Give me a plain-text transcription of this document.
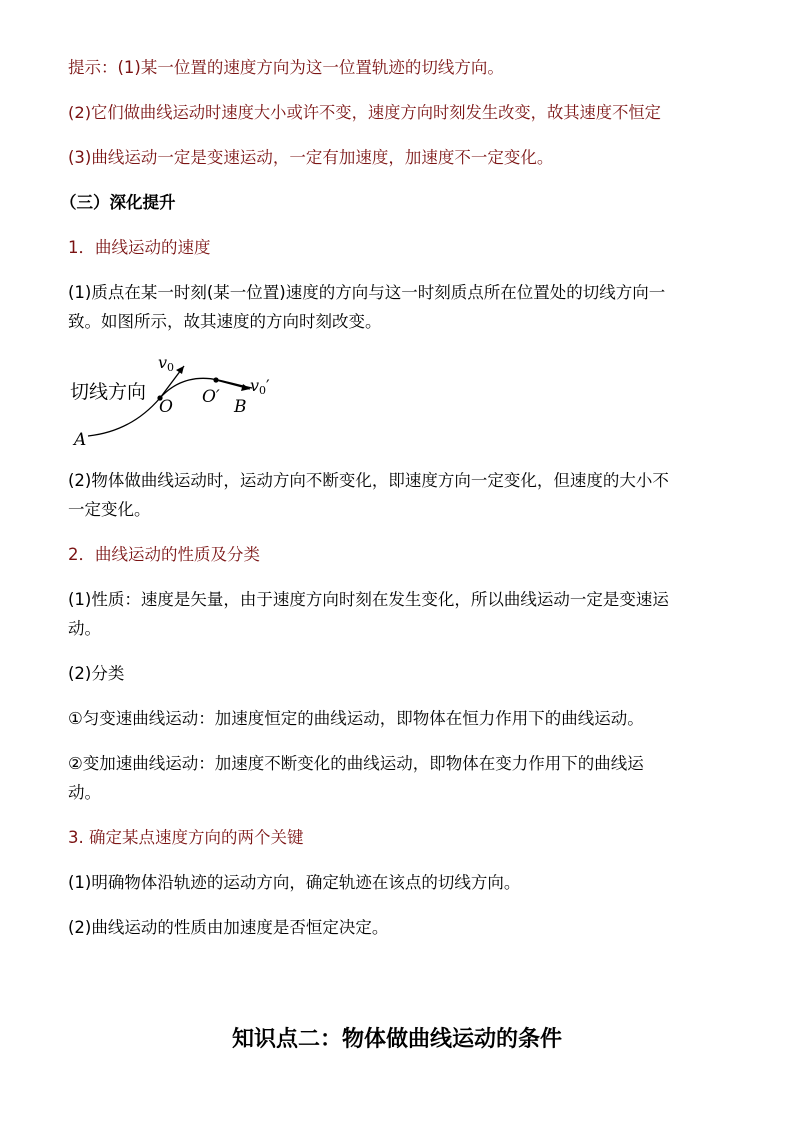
提示：(1)某一位置的速度方向为这一位置轨迹的切线方向。
(2)它们做曲线运动时速度大小或许不变，速度方向时刻发生改变，故其速度不恒定
(3)曲线运动一定是变速运动，一定有加速度，加速度不一定变化。
（三）深化提升
1．曲线运动的速度
(1)质点在某一时刻(某一位置)速度的方向与这一时刻质点所在位置处的切线方向一
致。如图所示，故其速度的方向时刻改变。
切线方向
A
O O′ B
v0
v0′
(2)物体做曲线运动时，运动方向不断变化，即速度方向一定变化，但速度的大小不
一定变化。
2．曲线运动的性质及分类
(1)性质：速度是矢量，由于速度方向时刻在发生变化，所以曲线运动一定是变速运
动。
(2)分类
①匀变速曲线运动：加速度恒定的曲线运动，即物体在恒力作用下的曲线运动。
②变加速曲线运动：加速度不断变化的曲线运动，即物体在变力作用下的曲线运
动。
3. 确定某点速度方向的两个关键
(1)明确物体沿轨迹的运动方向，确定轨迹在该点的切线方向。
(2)曲线运动的性质由加速度是否恒定决定。
知识点二：物体做曲线运动的条件
